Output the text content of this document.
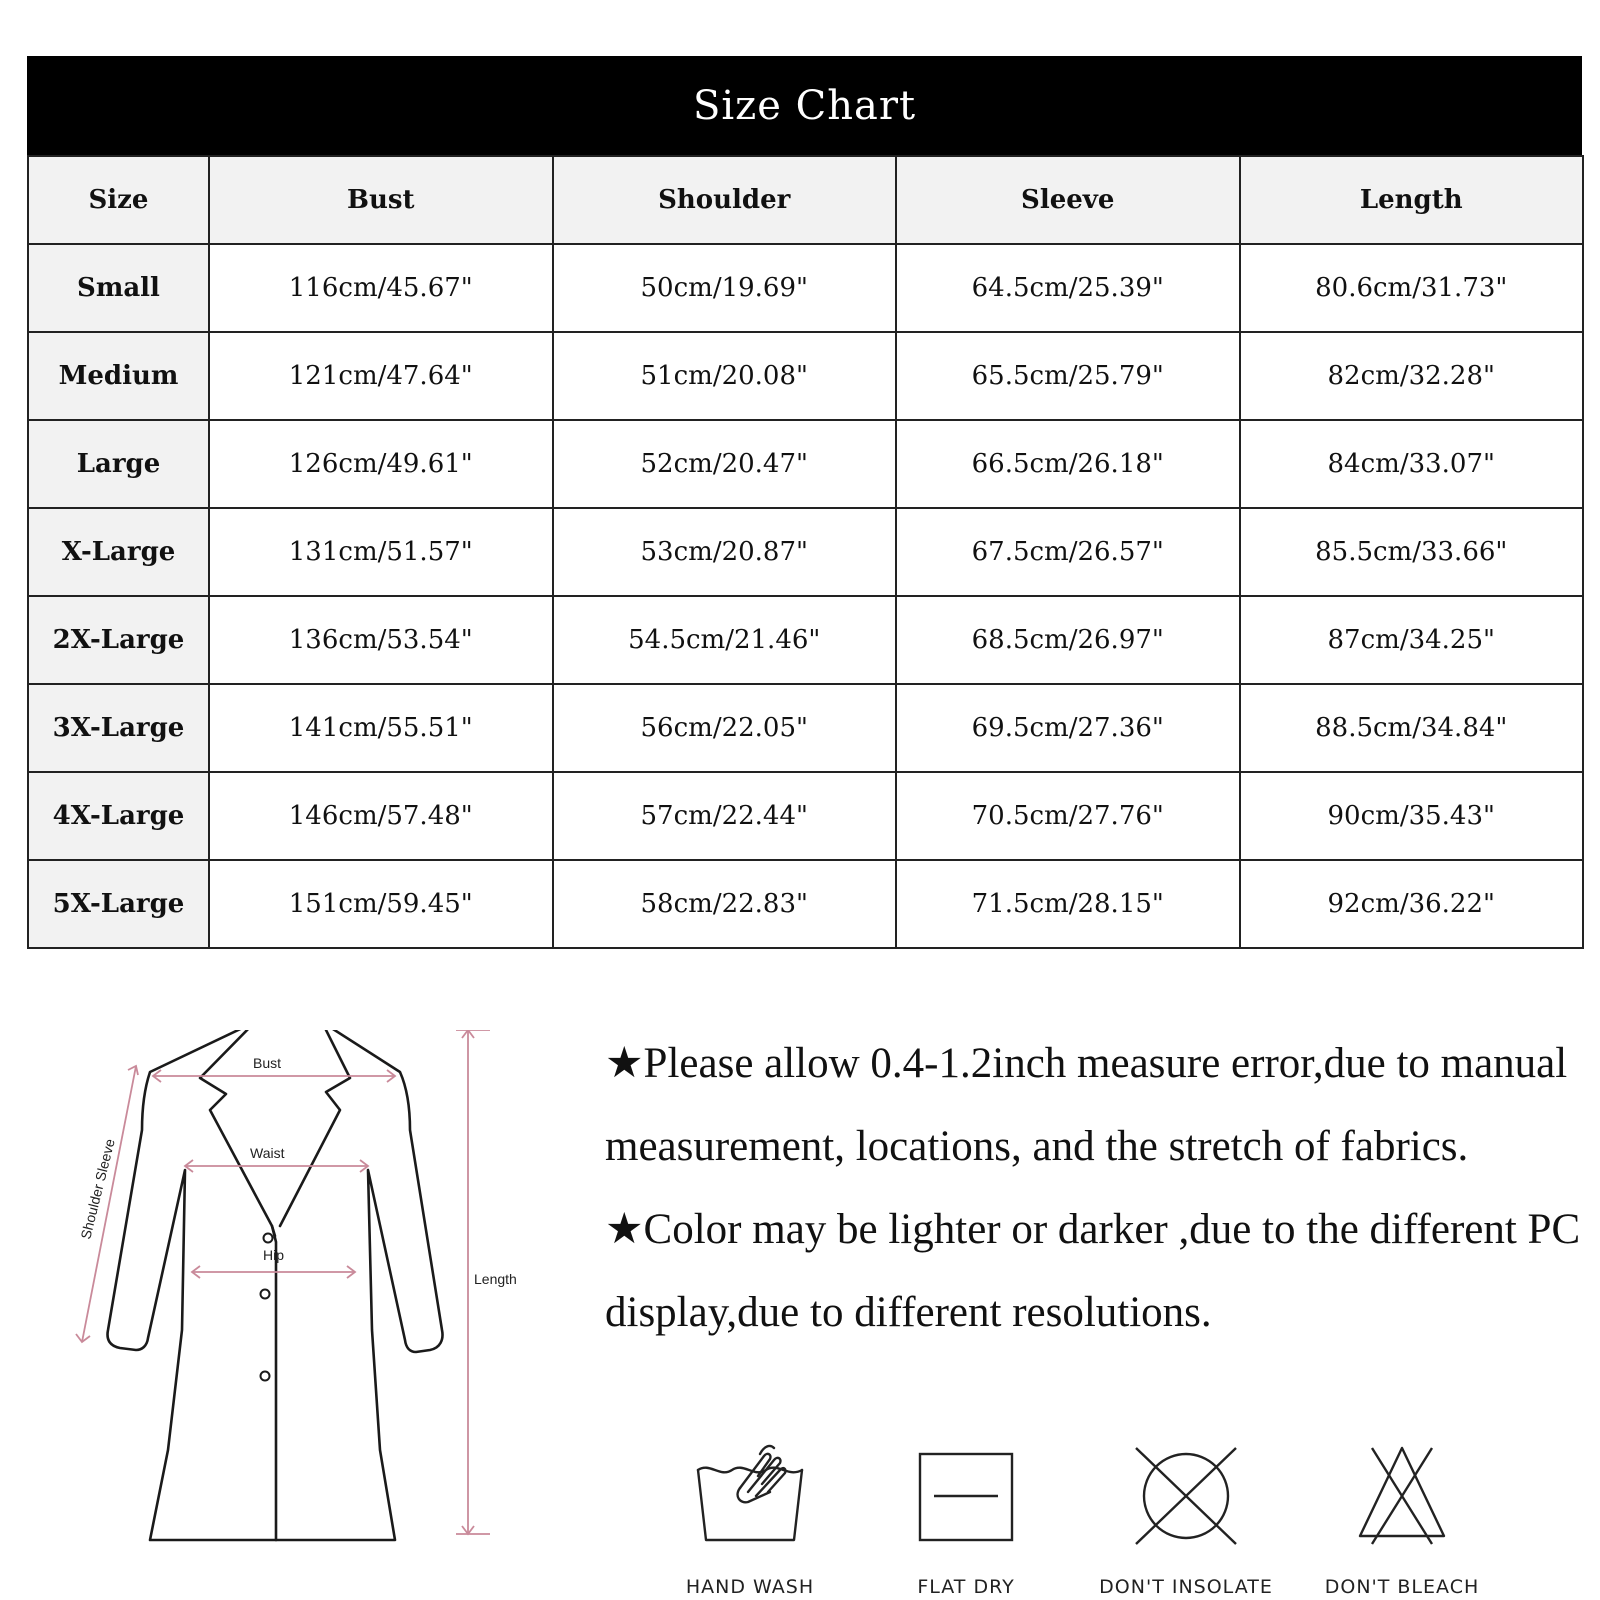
Size Chart
Size	Bust	Shoulder	Sleeve	Length
Small	116cm/45.67"	50cm/19.69"	64.5cm/25.39"	80.6cm/31.73"
Medium	121cm/47.64"	51cm/20.08"	65.5cm/25.79"	82cm/32.28"
Large	126cm/49.61"	52cm/20.47"	66.5cm/26.18"	84cm/33.07"
X-Large	131cm/51.57"	53cm/20.87"	67.5cm/26.57"	85.5cm/33.66"
2X-Large	136cm/53.54"	54.5cm/21.46"	68.5cm/26.97"	87cm/34.25"
3X-Large	141cm/55.51"	56cm/22.05"	69.5cm/27.36"	88.5cm/34.84"
4X-Large	146cm/57.48"	57cm/22.44"	70.5cm/27.76"	90cm/35.43"
5X-Large	151cm/59.45"	58cm/22.83"	71.5cm/28.15"	92cm/36.22"
Bust
Waist
Hip
Length
Shoulder Sleeve

★Please allow 0.4-1.2inch measure error,due to manual measurement, locations, and the stretch of fabrics.

★Color may be lighter or darker ,due to the different PC display,due to different resolutions.

HAND WASH	FLAT DRY	DON'T INSOLATE	DON'T BLEACH
